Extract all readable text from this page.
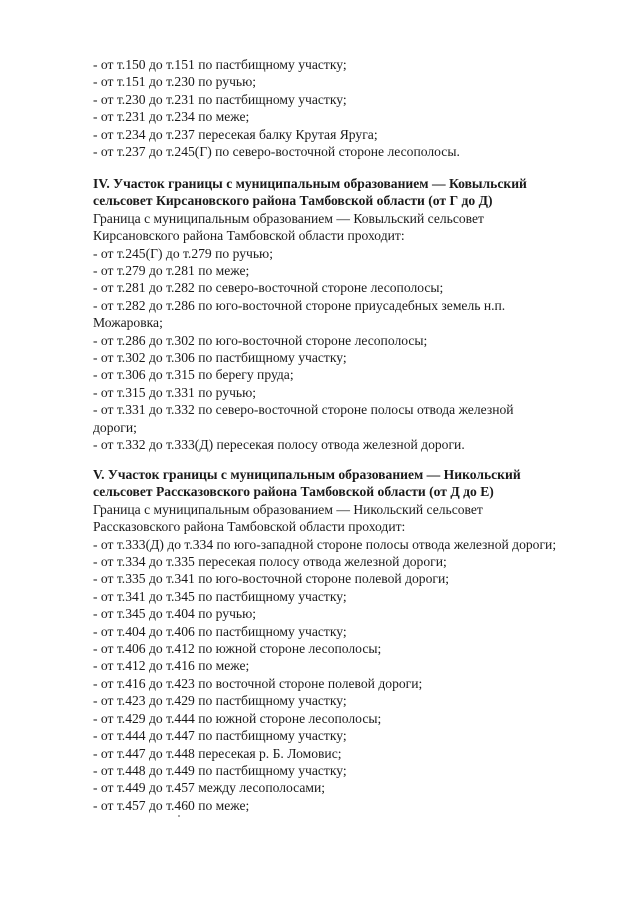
- от т.150 до т.151 по пастбищному участку;
- от т.151 до т.230 по ручью;
- от т.230 до т.231 по пастбищному участку;
- от т.231 до т.234 по меже;
- от т.234 до т.237 пересекая балку Крутая Яруга;
- от т.237 до т.245(Г) по северо-восточной стороне лесополосы.
IV. Участок границы с муниципальным образованием — Ковыльский
сельсовет Кирсановского района Тамбовской области (от Г до Д)
Граница с муниципальным образованием — Ковыльский сельсовет
Кирсановского района Тамбовской области проходит:
- от т.245(Г) до т.279 по ручью;
- от т.279 до т.281 по меже;
- от т.281 до т.282 по северо-восточной стороне лесополосы;
- от т.282 до т.286 по юго-восточной стороне приусадебных земель н.п.
Можаровка;
- от т.286 до т.302 по юго-восточной стороне лесополосы;
- от т.302 до т.306 по пастбищному участку;
- от т.306 до т.315 по берегу пруда;
- от т.315 до т.331 по ручью;
- от т.331 до т.332 по северо-восточной стороне полосы отвода железной
дороги;
- от т.332 до т.333(Д) пересекая полосу отвода железной дороги.
V. Участок границы с муниципальным образованием — Никольский
сельсовет Рассказовского района Тамбовской области (от Д до Е)
Граница с муниципальным образованием — Никольский сельсовет
Рассказовского района Тамбовской области проходит:
- от т.333(Д) до т.334 по юго-западной стороне полосы отвода железной дороги;
- от т.334 до т.335 пересекая полосу отвода железной дороги;
- от т.335 до т.341 по юго-восточной стороне полевой дороги;
- от т.341 до т.345 по пастбищному участку;
- от т.345 до т.404 по ручью;
- от т.404 до т.406 по пастбищному участку;
- от т.406 до т.412 по южной стороне лесополосы;
- от т.412 до т.416 по меже;
- от т.416 до т.423 по восточной стороне полевой дороги;
- от т.423 до т.429 по пастбищному участку;
- от т.429 до т.444 по южной стороне лесополосы;
- от т.444 до т.447 по пастбищному участку;
- от т.447 до т.448 пересекая р. Б. Ломовис;
- от т.448 до т.449 по пастбищному участку;
- от т.449 до т.457 между лесополосами;
- от т.457 до т.460 по меже;
